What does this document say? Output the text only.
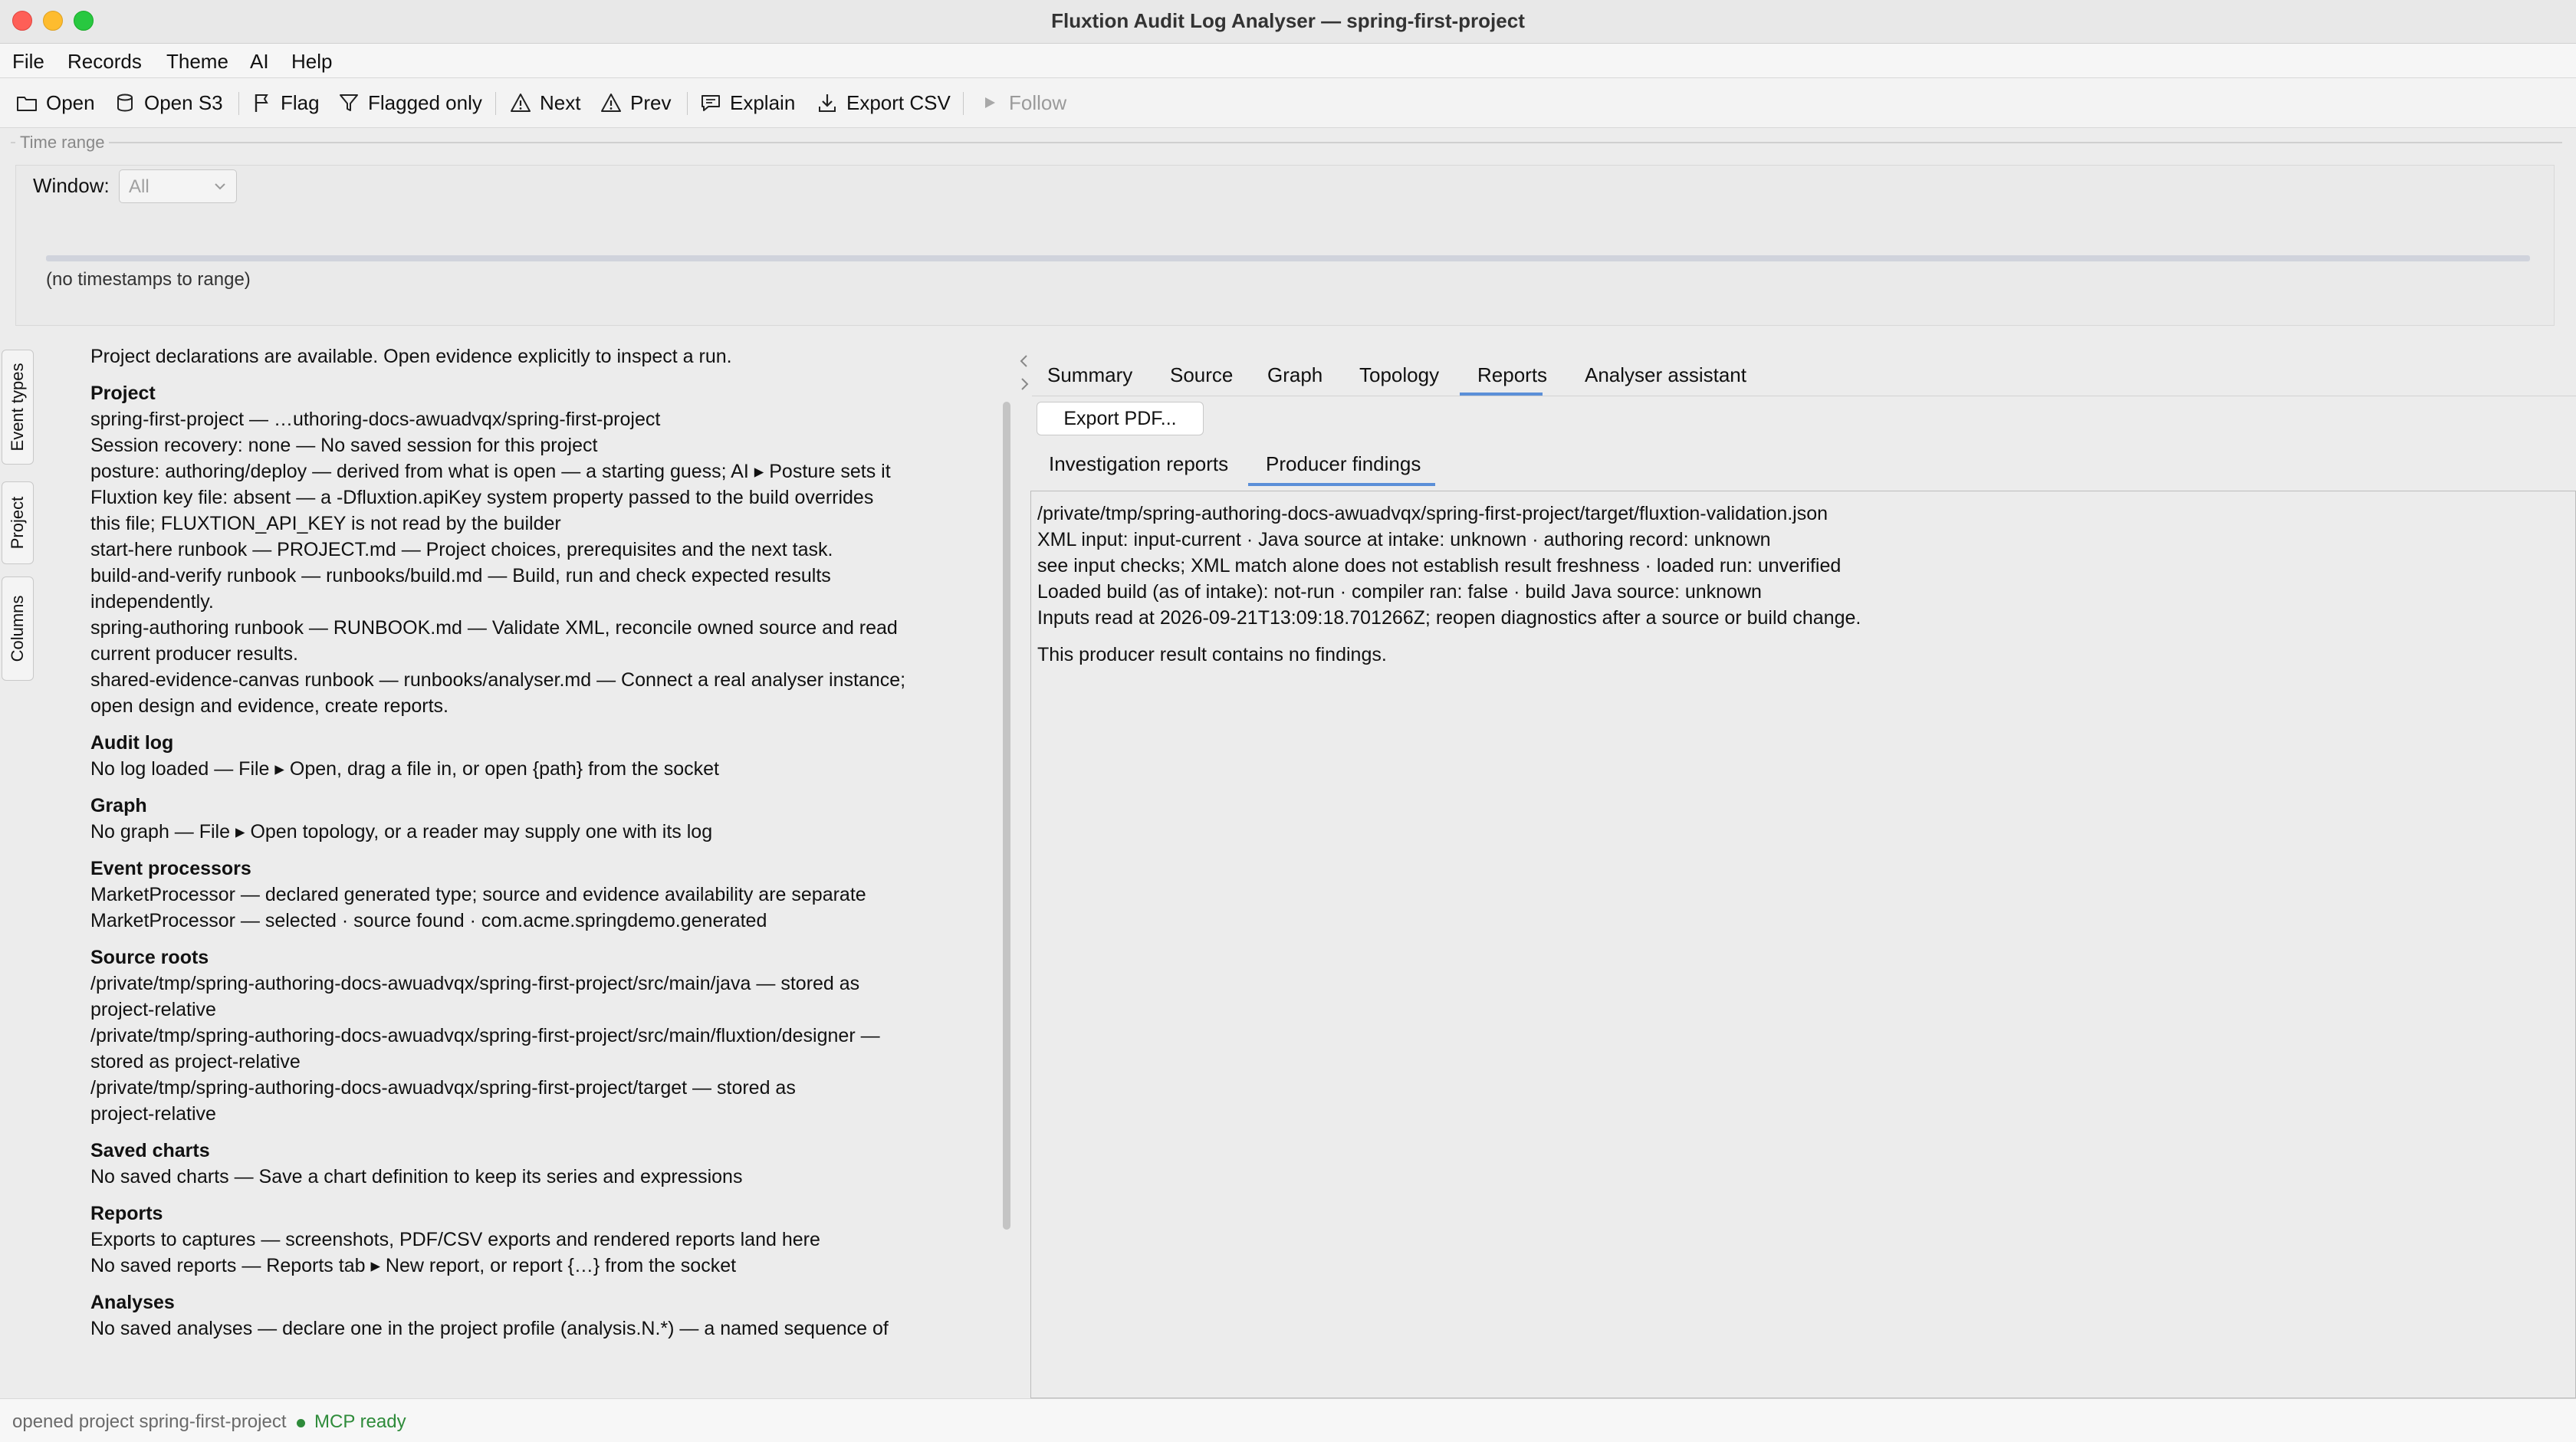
Fluxtion Audit Log Analyser — spring-first-project
File Records Theme AI Help
Open Open S3	Flag Flagged only	Next Prev	Explain	Export CSV	Follow
Time range
Window: All
(no timestamps to range)
Event types
Project
Columns
Project declarations are available. Open evidence explicitly to inspect a run.
Project
spring-first-project — …uthoring-docs-awuadvqx/spring-first-project
Session recovery: none — No saved session for this project
posture: authoring/deploy — derived from what is open — a starting guess; AI ▸ Posture sets it
Fluxtion key file: absent — a -Dfluxtion.apiKey system property passed to the build overrides
this file; FLUXTION_API_KEY is not read by the builder
start-here runbook — PROJECT.md — Project choices, prerequisites and the next task.
build-and-verify runbook — runbooks/build.md — Build, run and check expected results
independently.
spring-authoring runbook — RUNBOOK.md — Validate XML, reconcile owned source and read
current producer results.
shared-evidence-canvas runbook — runbooks/analyser.md — Connect a real analyser instance;
open design and evidence, create reports.
Audit log
No log loaded — File ▸ Open, drag a file in, or open {path} from the socket
Graph
No graph — File ▸ Open topology, or a reader may supply one with its log
Event processors
MarketProcessor — declared generated type; source and evidence availability are separate
MarketProcessor — selected · source found · com.acme.springdemo.generated
Source roots
/private/tmp/spring-authoring-docs-awuadvqx/spring-first-project/src/main/java — stored as
project-relative
/private/tmp/spring-authoring-docs-awuadvqx/spring-first-project/src/main/fluxtion/designer —
stored as project-relative
/private/tmp/spring-authoring-docs-awuadvqx/spring-first-project/target — stored as
project-relative
Saved charts
No saved charts — Save a chart definition to keep its series and expressions
Reports
Exports to captures — screenshots, PDF/CSV exports and rendered reports land here
No saved reports — Reports tab ▸ New report, or report {…} from the socket
Analyses
No saved analyses — declare one in the project profile (analysis.N.*) — a named sequence of
Summary Source Graph Topology Reports Analyser assistant
Export PDF...
Investigation reports Producer findings
/private/tmp/spring-authoring-docs-awuadvqx/spring-first-project/target/fluxtion-validation.json
XML input: input-current · Java source at intake: unknown · authoring record: unknown
see input checks; XML match alone does not establish result freshness · loaded run: unverified
Loaded build (as of intake): not-run · compiler ran: false · build Java source: unknown
Inputs read at 2026-09-21T13:09:18.701266Z; reopen diagnostics after a source or build change.
This producer result contains no findings.
opened project spring-first-project MCP ready
